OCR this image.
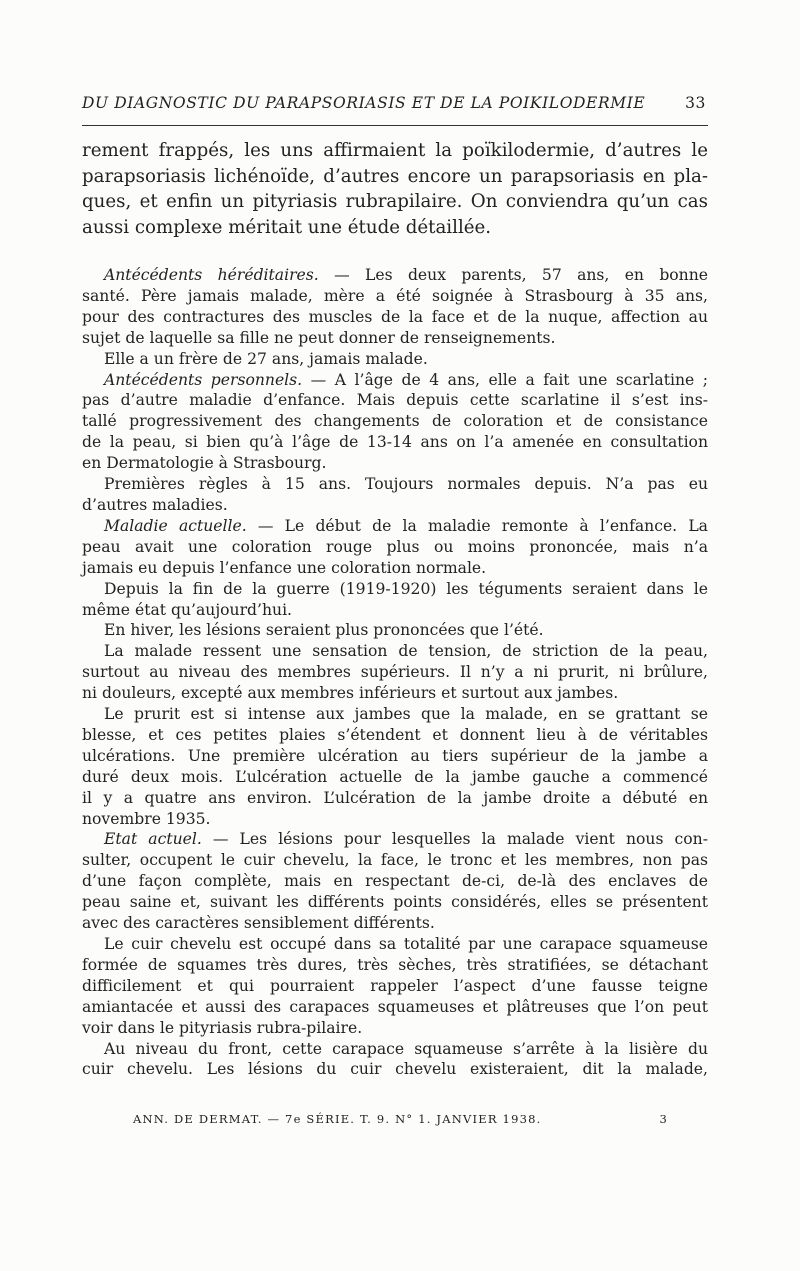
DU DIAGNOSTIC DU PARAPSORIASIS ET DE LA POIKILODERMIE	33
rement frappés, les uns affirmaient la poïkilodermie, d’autres le
parapsoriasis lichénoïde, d’autres encore un parapsoriasis en pla-
ques, et enfin un pityriasis rubrapilaire. On conviendra qu’un cas
aussi complexe méritait une étude détaillée.
Antécédents héréditaires. — Les deux parents, 57 ans, en bonne
santé. Père jamais malade, mère a été soignée à Strasbourg à 35 ans,
pour des contractures des muscles de la face et de la nuque, affection au
sujet de laquelle sa fille ne peut donner de renseignements.
Elle a un frère de 27 ans, jamais malade.
Antécédents personnels. — A l’âge de 4 ans, elle a fait une scarlatine ;
pas d’autre maladie d’enfance. Mais depuis cette scarlatine il s’est ins-
tallé progressivement des changements de coloration et de consistance
de la peau, si bien qu’à l’âge de 13-14 ans on l’a amenée en consultation
en Dermatologie à Strasbourg.
Premières règles à 15 ans. Toujours normales depuis. N’a pas eu
d’autres maladies.
Maladie actuelle. — Le début de la maladie remonte à l’enfance. La
peau avait une coloration rouge plus ou moins prononcée, mais n’a
jamais eu depuis l’enfance une coloration normale.
Depuis la fin de la guerre (1919-1920) les téguments seraient dans le
même état qu’aujourd’hui.
En hiver, les lésions seraient plus prononcées que l’été.
La malade ressent une sensation de tension, de striction de la peau,
surtout au niveau des membres supérieurs. Il n’y a ni prurit, ni brûlure,
ni douleurs, excepté aux membres inférieurs et surtout aux jambes.
Le prurit est si intense aux jambes que la malade, en se grattant se
blesse, et ces petites plaies s’étendent et donnent lieu à de véritables
ulcérations. Une première ulcération au tiers supérieur de la jambe a
duré deux mois. L’ulcération actuelle de la jambe gauche a commencé
il y a quatre ans environ. L’ulcération de la jambe droite a débuté en
novembre 1935.
Etat actuel. — Les lésions pour lesquelles la malade vient nous con-
sulter, occupent le cuir chevelu, la face, le tronc et les membres, non pas
d’une façon complète, mais en respectant de-ci, de-là des enclaves de
peau saine et, suivant les différents points considérés, elles se présentent
avec des caractères sensiblement différents.
Le cuir chevelu est occupé dans sa totalité par une carapace squameuse
formée de squames très dures, très sèches, très stratifiées, se détachant
difficilement et qui pourraient rappeler l’aspect d’une fausse teigne
amiantacée et aussi des carapaces squameuses et plâtreuses que l’on peut
voir dans le pityriasis rubra-pilaire.
Au niveau du front, cette carapace squameuse s’arrête à la lisière du
cuir chevelu. Les lésions du cuir chevelu existeraient, dit la malade,
ANN. DE DERMAT. — 7e SÉRIE. T. 9. N° 1. JANVIER 1938.	3
